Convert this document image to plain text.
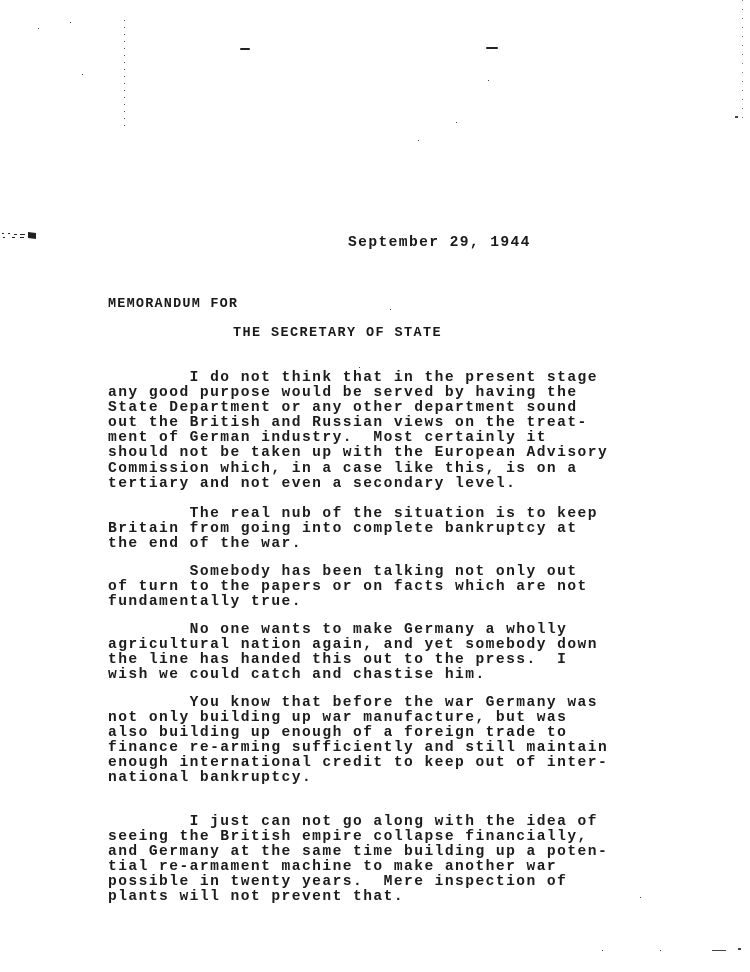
September 29, 1944
MEMORANDUM FOR
THE SECRETARY OF STATE
I do not think that in the present stage
any good purpose would be served by having the
State Department or any other department sound
out the British and Russian views on the treat-
ment of German industry.  Most certainly it
should not be taken up with the European Advisory
Commission which, in a case like this, is on a
tertiary and not even a secondary level.
The real nub of the situation is to keep
Britain from going into complete bankruptcy at
the end of the war.
Somebody has been talking not only out
of turn to the papers or on facts which are not
fundamentally true.
No one wants to make Germany a wholly
agricultural nation again, and yet somebody down
the line has handed this out to the press.  I
wish we could catch and chastise him.
You know that before the war Germany was
not only building up war manufacture, but was
also building up enough of a foreign trade to
finance re-arming sufficiently and still maintain
enough international credit to keep out of inter-
national bankruptcy.
I just can not go along with the idea of
seeing the British empire collapse financially,
and Germany at the same time building up a poten-
tial re-armament machine to make another war
possible in twenty years.  Mere inspection of
plants will not prevent that.
